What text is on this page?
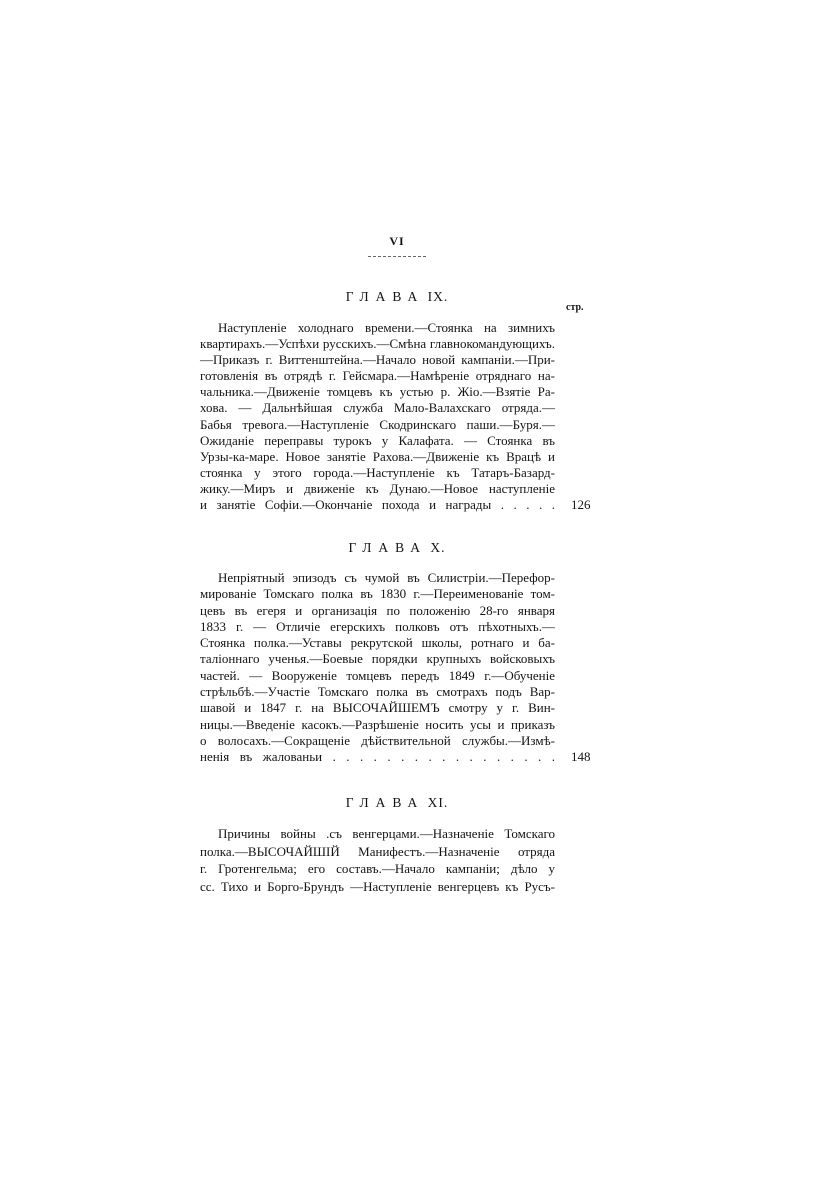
VI
ГЛАВА IX.
стр.
Наступленіе холоднаго времени.—Стоянка на зимнихъ
квартирахъ.—Успѣхи русскихъ.—Смѣна главнокомандующихъ.
—Приказъ г. Виттенштейна.—Начало новой кампаніи.—При-
готовленія въ отрядѣ г. Гейсмара.—Намѣреніе отряднаго на-
чальника.—Движеніе томцевъ къ устью р. Жіо.—Взятіе Ра-
хова. — Дальнѣйшая служба Мало-Валахскаго отряда.—
Бабья тревога.—Наступленіе Скодринскаго паши.—Буря.—
Ожиданіе переправы турокъ у Калафата. — Стоянка въ
Урзы-ка-маре. Новое занятіе Рахова.—Движеніе къ Врацѣ и
стоянка у этого города.—Наступленіе къ Татаръ-Базард-
жику.—Миръ и движеніе къ Дунаю.—Новое наступленіе
и занятіе Софіи.—Окончаніе похода и награды . . . . . 126
ГЛАВА X.
Непріятный эпизодъ съ чумой въ Силистріи.—Перефор-
мированіе Томскаго полка въ 1830 г.—Переименованіе том-
цевъ въ егеря и организація по положенію 28-го января
1833 г. — Отличіе егерскихъ полковъ отъ пѣхотныхъ.—
Стоянка полка.—Уставы рекрутской школы, ротнаго и ба-
таліоннаго ученья.—Боевые порядки крупныхъ войсковыхъ
частей. — Вооруженіе томцевъ передъ 1849 г.—Обученіе
стрѣльбѣ.—Участіе Томскаго полка въ смотрахъ подъ Вар-
шавой и 1847 г. на ВЫСОЧАЙШЕМЪ смотру у г. Вин-
ницы.—Введеніе касокъ.—Разрѣшеніе носить усы и приказъ
о волосахъ.—Сокращеніе дѣйствительной службы.—Измѣ-
ненія въ жалованьи . . . . . . . . . . . . . . . . . 148
ГЛАВА XI.
Причины войны .съ венгерцами.—Назначеніе Томскаго
полка.—ВЫСОЧАЙШІЙ Манифестъ.—Назначеніе отряда
г. Гротенгельма; его составъ.—Начало кампаніи; дѣло у
сс. Тихо и Борго-Брундъ —Наступленіе венгерцевъ къ Русъ-
